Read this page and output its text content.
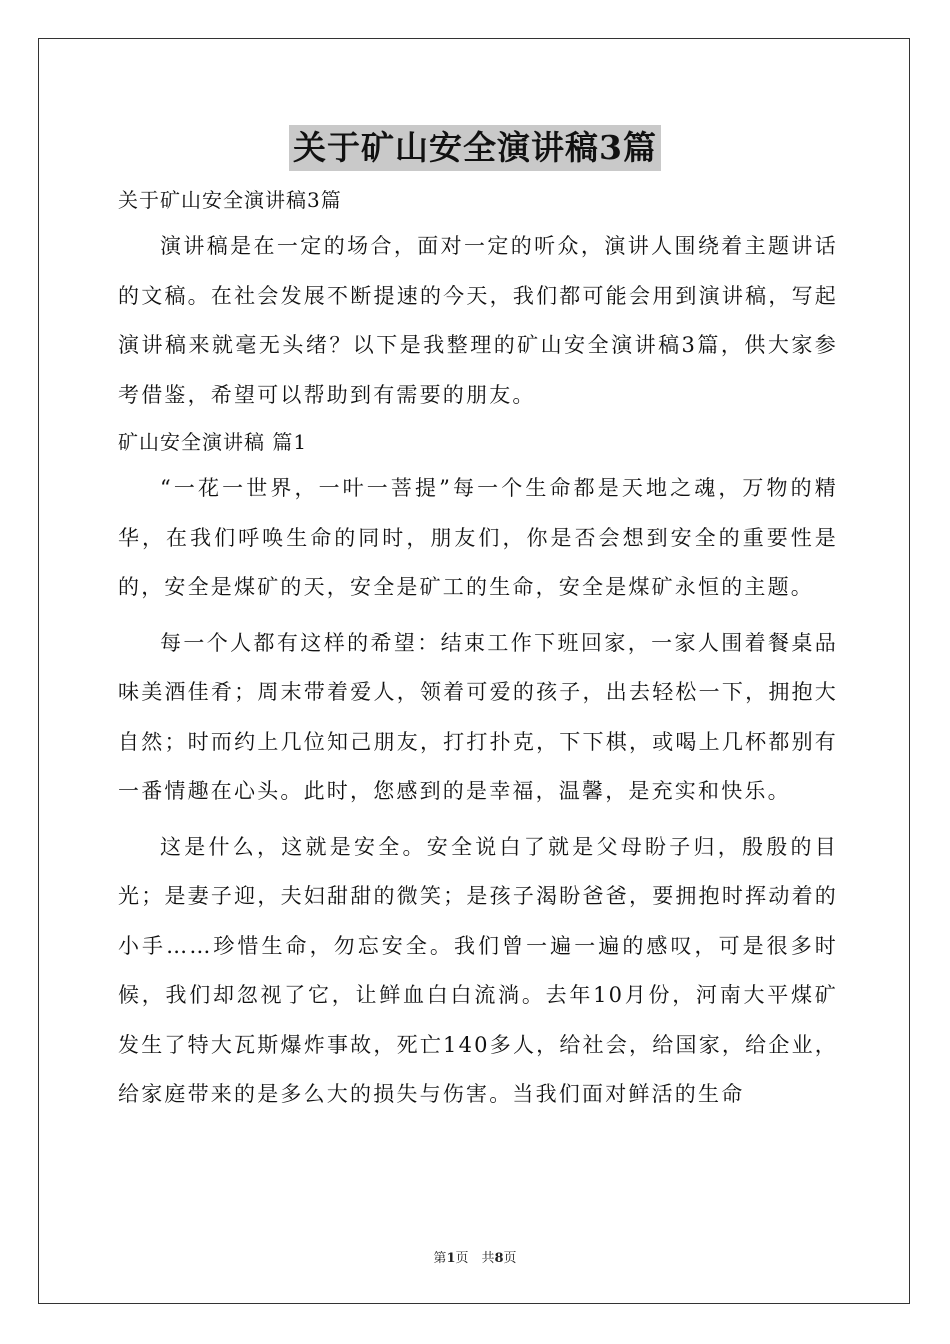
关于矿山安全演讲稿3篇

关于矿山安全演讲稿3篇

演讲稿是在一定的场合，面对一定的听众，演讲人围绕着主题讲话的文稿。在社会发展不断提速的今天，我们都可能会用到演讲稿，写起演讲稿来就毫无头绪？以下是我整理的矿山安全演讲稿3篇，供大家参考借鉴，希望可以帮助到有需要的朋友。

矿山安全演讲稿 篇1

“一花一世界，一叶一菩提”每一个生命都是天地之魂，万物的精华，在我们呼唤生命的同时，朋友们，你是否会想到安全的重要性是的，安全是煤矿的天，安全是矿工的生命，安全是煤矿永恒的主题。

每一个人都有这样的希望：结束工作下班回家，一家人围着餐桌品味美酒佳肴；周末带着爱人，领着可爱的孩子，出去轻松一下，拥抱大自然；时而约上几位知己朋友，打打扑克，下下棋，或喝上几杯都别有一番情趣在心头。此时，您感到的是幸福，温馨，是充实和快乐。

这是什么，这就是安全。安全说白了就是父母盼子归，殷殷的目光；是妻子迎，夫妇甜甜的微笑；是孩子渴盼爸爸，要拥抱时挥动着的小手……珍惜生命，勿忘安全。我们曾一遍一遍的感叹，可是很多时候，我们却忽视了它，让鲜血白白流淌。去年10月份，河南大平煤矿发生了特大瓦斯爆炸事故，死亡140多人，给社会，给国家，给企业，给家庭带来的是多么大的损失与伤害。当我们面对鲜活的生命

第1页　共8页
